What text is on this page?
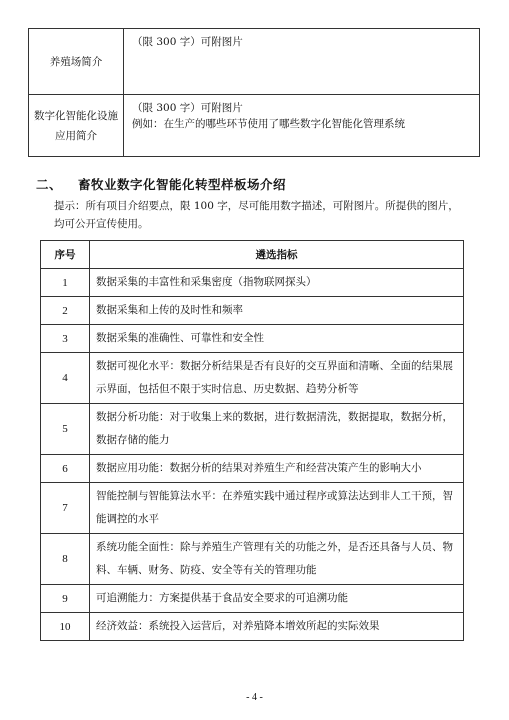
养殖场简介	（限 300 字）可附图片

数字化智能化设施应用简介	（限 300 字）可附图片
例如：在生产的哪些环节使用了哪些数字化智能化管理系统
二、 畜牧业数字化智能化转型样板场介绍
提示：所有项目介绍要点，限 100 字，尽可能用数字描述，可附图片。所提供的图片，均可公开宣传使用。
序号	遴选指标
1	数据采集的丰富性和采集密度（指物联网探头）
2	数据采集和上传的及时性和频率
3	数据采集的准确性、可靠性和安全性
4	数据可视化水平：数据分析结果是否有良好的交互界面和清晰、全面的结果展示界面，包括但不限于实时信息、历史数据、趋势分析等
5	数据分析功能：对于收集上来的数据，进行数据清洗，数据提取，数据分析，数据存储的能力
6	数据应用功能：数据分析的结果对养殖生产和经营决策产生的影响大小
7	智能控制与智能算法水平：在养殖实践中通过程序或算法达到非人工干预，智能调控的水平
8	系统功能全面性：除与养殖生产管理有关的功能之外，是否还具备与人员、物料、车辆、财务、防疫、安全等有关的管理功能
9	可追溯能力：方案提供基于食品安全要求的可追溯功能
10	经济效益：系统投入运营后，对养殖降本增效所起的实际效果
- 4 -
